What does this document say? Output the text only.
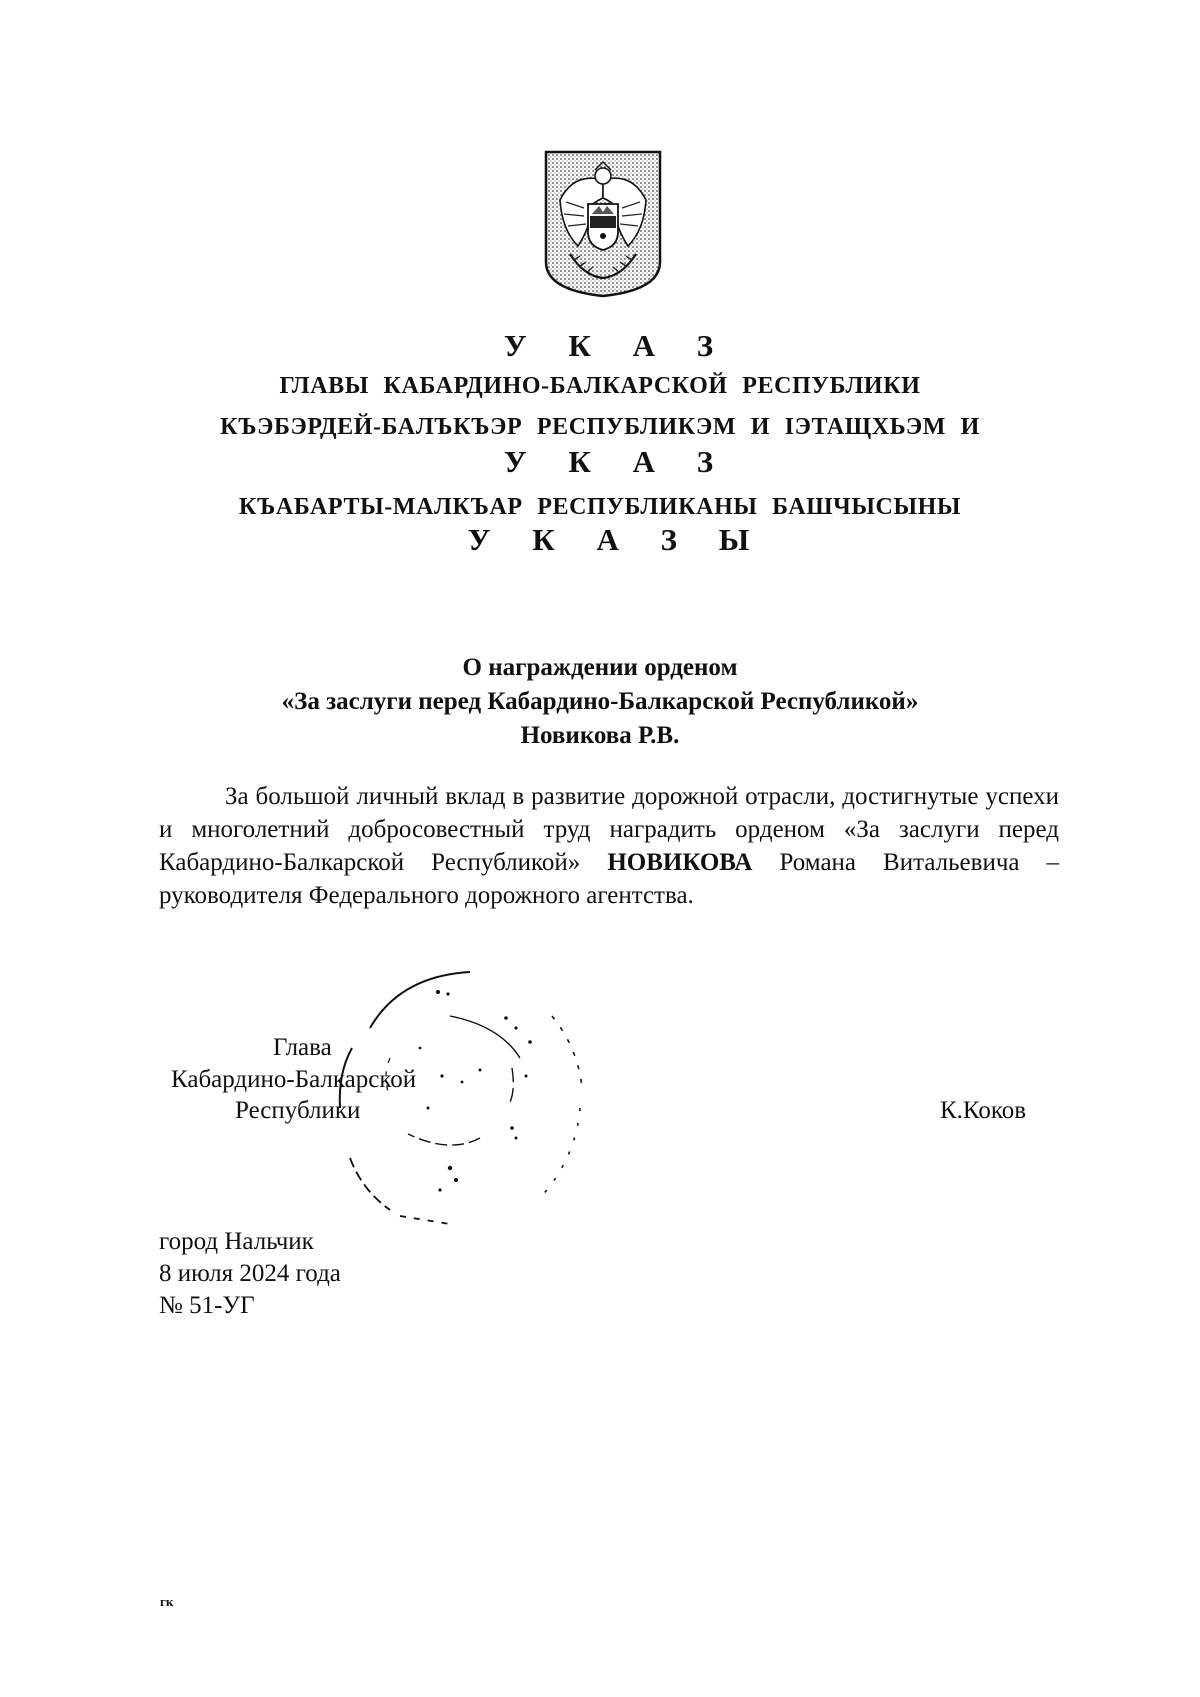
У К А З
ГЛАВЫ КАБАРДИНО-БАЛКАРСКОЙ РЕСПУБЛИКИ
КЪЭБЭРДЕЙ-БАЛЪКЪЭР РЕСПУБЛИКЭМ И IЭТАЩХЬЭМ И
У К А З
КЪАБАРТЫ-МАЛКЪАР РЕСПУБЛИКАНЫ БАШЧЫСЫНЫ
У К А З Ы
О награждении орденом
«За заслуги перед Кабардино-Балкарской Республикой»
Новикова Р.В.

За большой личный вклад в развитие дорожной отрасли, достигнутые успехи и многолетний добросовестный труд наградить орденом «За заслуги перед Кабардино-Балкарской Республикой» НОВИКОВА Романа Витальевича – руководителя Федерального дорожного агентства.

Глава
Кабардино-Балкарской
Республики	К.Коков
город Нальчик
8 июля 2024 года
№ 51-УГ
гк
